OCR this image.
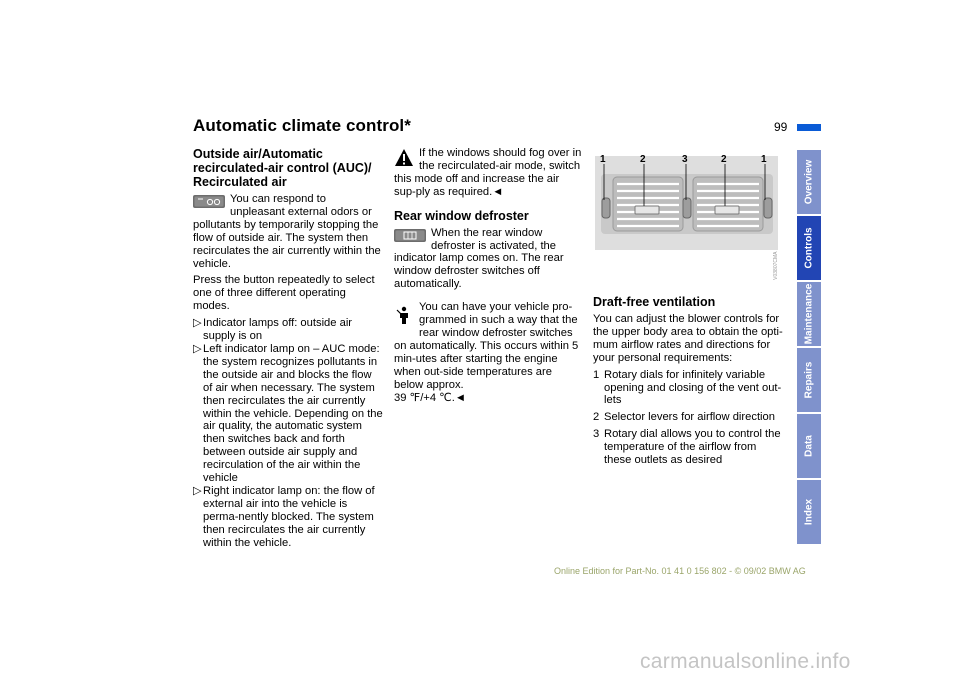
Automatic climate control*	99
Outside air/Automatic recirculated-air control (AUC)/ Recirculated air

You can respond to unpleasant external odors or pollutants by temporarily stopping the flow of outside air. The system then recirculates the air currently within the vehicle.

Press the button repeatedly to select one of three different operating modes.

▷ Indicator lamps off: outside air supply is on
▷ Left indicator lamp on – AUC mode: the system recognizes pollutants in the outside air and blocks the flow of air when necessary. The system then recirculates the air currently within the vehicle. Depending on the air quality, the automatic system then switches back and forth between outside air supply and recirculation of the air within the vehicle
▷ Right indicator lamp on: the flow of external air into the vehicle is perma-nently blocked. The system then recirculates the air currently within the vehicle.

If the windows should fog over in the recirculated-air mode, switch this mode off and increase the air sup-ply as required.◄

Rear window defroster

When the rear window defroster is activated, the indicator lamp comes on. The rear window defroster switches off automatically.

You can have your vehicle pro-grammed in such a way that the rear window defroster switches on automatically. This occurs within 5 min-utes after starting the engine when out-side temperatures are below approx.

39 ℉/+4 ℃.◄

MV03807CMA
1	2	3	2	1
Draft-free ventilation

You can adjust the blower controls for the upper body area to obtain the opti-mum airflow rates and directions for your personal requirements:

1 Rotary dials for infinitely variable opening and closing of the vent out-lets
2 Selector levers for airflow direction
3 Rotary dial allows you to control the temperature of the airflow from these outlets as desired
Overview
Controls
Maintenance
Repairs
Data
Index
Online Edition for Part-No. 01 41 0 156 802 - © 09/02 BMW AG
carmanualsonline.info
